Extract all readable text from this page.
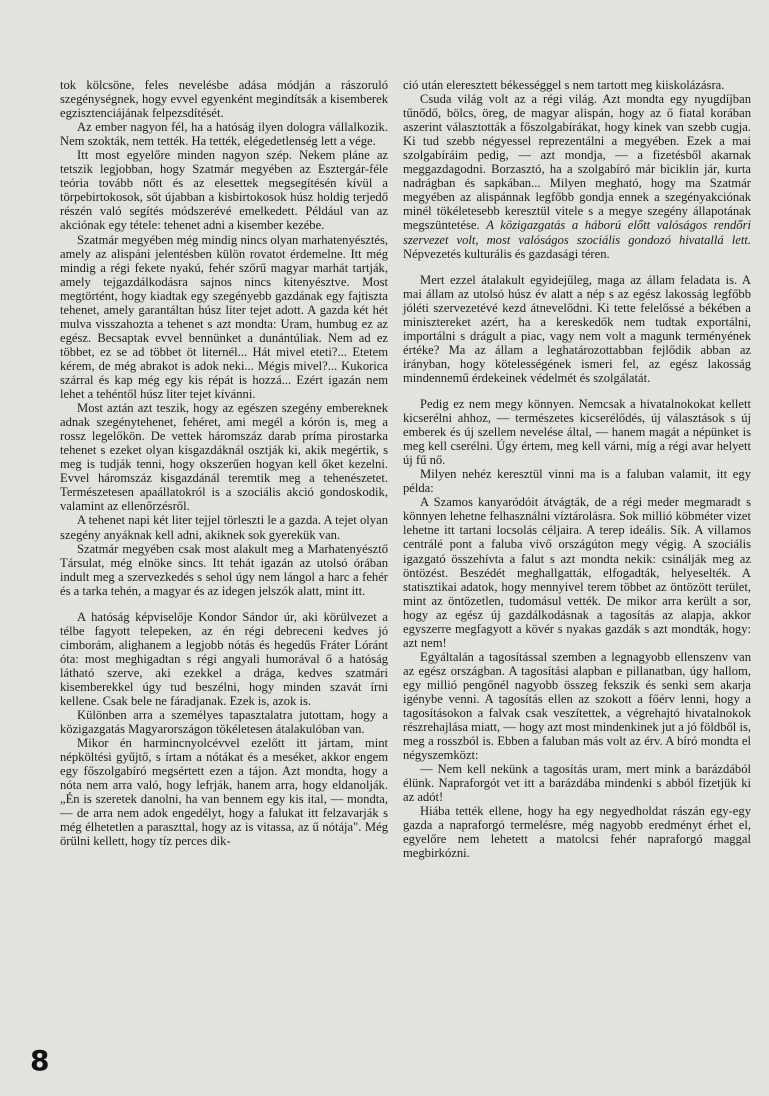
tok kölcsöne, feles nevelésbe adása módján a rászoruló szegénységnek, hogy evvel egyenként megindítsák a kisemberek egzisztenciájának felpezsdítését.

Az ember nagyon fél, ha a hatóság ilyen dologra vállalkozik. Nem szokták, nem tették. Ha tették, elégedetlenség lett a vége.

Itt most egyelőre minden nagyon szép. Nekem pláne az tetszik legjobban, hogy Szatmár megyében az Esztergár-féle teória tovább nőtt és az elesettek megsegítésén kívül a törpebirtokosok, sőt újabban a kisbirtokosok húsz holdig terjedő részén való segítés módszerévé emelkedett. Például van az akciónak egy tétele: tehenet adni a kisember kezébe.

Szatmár megyében még mindig nincs olyan marhatenyésztés, amely az alispáni jelentésben külön rovatot érdemelne. Itt még mindig a régi fekete nyakú, fehér szőrű magyar marhát tartják, amely tejgazdálkodásra sajnos nincs kitenyésztve. Most megtörtént, hogy kiadtak egy szegényebb gazdának egy fajtiszta tehenet, amely garantáltan húsz liter tejet adott. A gazda két hét mulva visszahozta a tehenet s azt mondta: Uram, humbug ez az egész. Becsaptak evvel bennünket a dunántúliak. Nem ad ez többet, ez se ad többet öt liternél... Hát mivel eteti?... Etetem kérem, de még abrakot is adok neki... Mégis mivel?... Kukorica szárral és kap még egy kis répát is hozzá... Ezért igazán nem lehet a tehéntől húsz liter tejet kívánni.

Most aztán azt teszik, hogy az egészen szegény embereknek adnak szegénytehenet, fehéret, ami megél a kórón is, meg a rossz legelőkön. De vettek háromszáz darab príma pirostarka tehenet s ezeket olyan kisgazdáknál osztják ki, akik megértik, s meg is tudják tenni, hogy okszerűen hogyan kell őket kezelni. Evvel háromszáz kisgazdánál teremtik meg a tehenészetet. Természetesen apaállatokról is a szociális akció gondoskodik, valamint az ellenőrzésről.

A tehenet napi két liter tejjel törleszti le a gazda. A tejet olyan szegény anyáknak kell adni, akiknek sok gyerekük van.

Szatmár megyében csak most alakult meg a Marhatenyésztő Társulat, még elnöke sincs. Itt tehát igazán az utolsó órában indult meg a szervezkedés s sehol úgy nem lángol a harc a fehér és a tarka tehén, a magyar és az idegen jelszók alatt, mint itt.

A hatóság képviselője Kondor Sándor úr, aki körülvezet a télbe fagyott telepeken, az én régi debreceni kedves jó cimborám, alighanem a legjobb nótás és hegedűs Fráter Lóránt óta: most meghigadtan s régi angyali humorával ő a hatóság látható szerve, aki ezekkel a drága, kedves szatmári kisemberekkel úgy tud beszélni, hogy minden szavát írni kellene. Csak bele ne fáradjanak. Ezek is, azok is.

Különben arra a személyes tapasztalatra jutottam, hogy a közigazgatás Magyarországon tökéletesen átalakulóban van.

Mikor én harmincnyolcévvel ezelőtt itt jártam, mint népköltési gyűjtő, s írtam a nótákat és a meséket, akkor engem egy főszolgabíró megsértett ezen a tájon. Azt mondta, hogy a nóta nem arra való, hogy lefrják, hanem arra, hogy eldanolják. „Én is szeretek danolni, ha van bennem egy kis ital, — mondta, — de arra nem adok engedélyt, hogy a falukat itt felzavarják s még élhetetlen a paraszttal, hogy az is vitassa, az ű nótája". Még örülni kellett, hogy tíz perces dik-

ció után eleresztett békességgel s nem tartott meg kiiskolázásra.

Csuda világ volt az a régi világ. Azt mondta egy nyugdíjban tűnődő, bölcs, öreg, de magyar alispán, hogy az ő fiatal korában aszerint választották a főszolgabírákat, hogy kinek van szebb cugja. Ki tud szebb négyessel reprezentálni a megyében. Ezek a mai szolgabíráim pedig, — azt mondja, — a fizetésből akarnak meggazdagodni. Borzasztó, ha a szolgabíró már biciklin jár, kurta nadrágban és sapkában... Milyen megható, hogy ma Szatmár megyében az alispánnak legfőbb gondja ennek a szegényakciónak minél tökéletesebb keresztül vitele s a megye szegény állapotának megszüntetése. A közigazgatás a háború előtt valóságos rendőri szervezet volt, most valóságos szociális gondozó hivatallá lett. Népvezetés kulturális és gazdasági téren.

Mert ezzel átalakult egyidejűleg, maga az állam feladata is. A mai állam az utolsó húsz év alatt a nép s az egész lakosság legfőbb jóléti szervezetévé kezd átnevelődni. Ki tette felelőssé a békében a minisztereket azért, ha a kereskedők nem tudtak exportálni, importálni s drágult a piac, vagy nem volt a magunk terményének értéke? Ma az állam a leghatározottabban fejlődik abban az irányban, hogy kötelességének ismeri fel, az egész lakosság mindennemű érdekeinek védelmét és szolgálatát.

Pedig ez nem megy könnyen. Nemcsak a hivatalnokokat kellett kicserélni ahhoz, — természetes kicserélődés, új választások s új emberek és új szellem nevelése által, — hanem magát a népünket is meg kell cserélni. Úgy értem, meg kell várni, míg a régi avar helyett új fű nő.

Milyen nehéz keresztül vinni ma is a faluban valamit, itt egy példa:

A Szamos kanyaródóit átvágták, de a régi meder megmaradt s könnyen lehetne felhasználni víztárolásra. Sok millió köbméter vizet lehetne itt tartani locsolás céljaira. A terep ideális. Sík. A villamos centrálé pont a faluba vivő országúton megy végig. A szociális igazgató összehívta a falut s azt mondta nekik: csinálják meg az öntözést. Beszédét meghallgatták, elfogadták, helyeselték. A statisztikai adatok, hogy mennyivel terem többet az öntözött terület, mint az öntözetlen, tudomásul vették. De mikor arra került a sor, hogy az egész új gazdálkodásnak a tagosítás az alapja, akkor egyszerre megfagyott a kövér s nyakas gazdák s azt mondták, hogy: azt nem!

Egyáltalán a tagosítással szemben a legnagyobb ellenszenv van az egész országban. A tagosítási alapban e pillanatban, úgy hallom, egy millió pengőnél nagyobb összeg fekszik és senki sem akarja igénybe venni. A tagosítás ellen az szokott a főérv lenni, hogy a tagosításokon a falvak csak veszítettek, a végrehajtó hivatalnokok részrehajlása miatt, — hogy azt most mindenkinek jut a jó földből is, meg a rosszból is. Ebben a faluban más volt az érv. A bíró mondta el négyszemközt:

— Nem kell nekünk a tagosítás uram, mert mink a barázdából élünk. Napraforgót vet itt a barázdába mindenki s abból fizetjük ki az adót!

Hiába tették ellene, hogy ha egy negyedholdat rászán egy-egy gazda a napraforgó termelésre, még nagyobb eredményt érhet el, egyelőre nem lehetett a matolcsi fehér napraforgó maggal megbirkózni.

8
